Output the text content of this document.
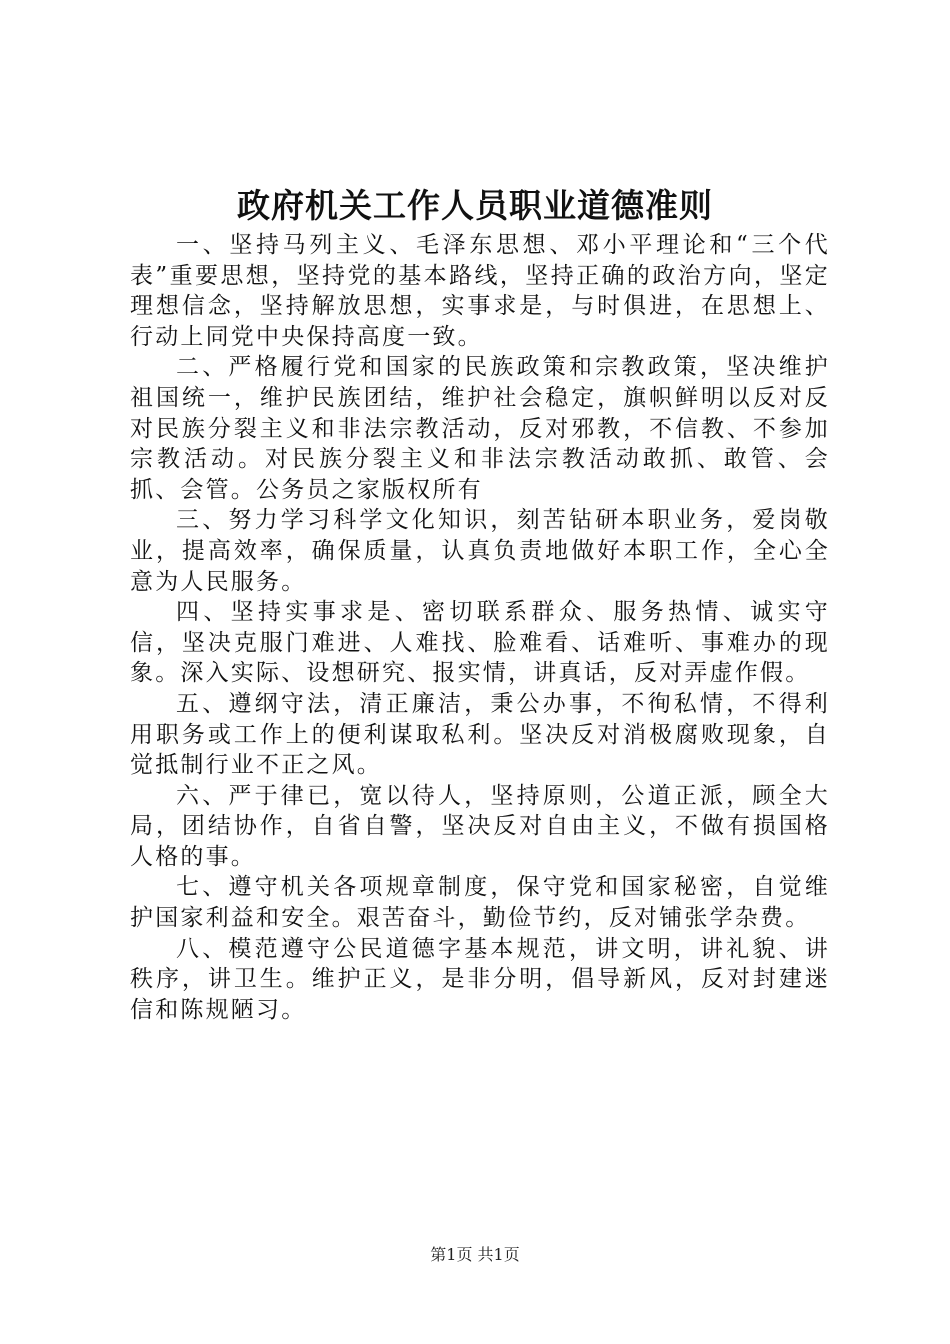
政府机关工作人员职业道德准则

一、坚持马列主义、毛泽东思想、邓小平理论和“三个代表”重要思想，坚持党的基本路线，坚持正确的政治方向，坚定理想信念，坚持解放思想，实事求是，与时俱进，在思想上、行动上同党中央保持高度一致。

二、严格履行党和国家的民族政策和宗教政策，坚决维护祖国统一，维护民族团结，维护社会稳定，旗帜鲜明以反对反对民族分裂主义和非法宗教活动，反对邪教，不信教、不参加宗教活动。对民族分裂主义和非法宗教活动敢抓、敢管、会抓、会管。公务员之家版权所有

三、努力学习科学文化知识，刻苦钻研本职业务，爱岗敬业，提高效率，确保质量，认真负责地做好本职工作，全心全意为人民服务。

四、坚持实事求是、密切联系群众、服务热情、诚实守信，坚决克服门难进、人难找、脸难看、话难听、事难办的现象。深入实际、设想研究、报实情，讲真话，反对弄虚作假。

五、遵纲守法，清正廉洁，秉公办事，不徇私情，不得利用职务或工作上的便利谋取私利。坚决反对消极腐败现象，自觉抵制行业不正之风。

六、严于律已，宽以待人，坚持原则，公道正派，顾全大局，团结协作，自省自警，坚决反对自由主义，不做有损国格人格的事。

七、遵守机关各项规章制度，保守党和国家秘密，自觉维护国家利益和安全。艰苦奋斗，勤俭节约，反对铺张学杂费。

八、模范遵守公民道德字基本规范，讲文明，讲礼貌、讲秩序，讲卫生。维护正义，是非分明，倡导新风，反对封建迷信和陈规陋习。

第1页 共1页
